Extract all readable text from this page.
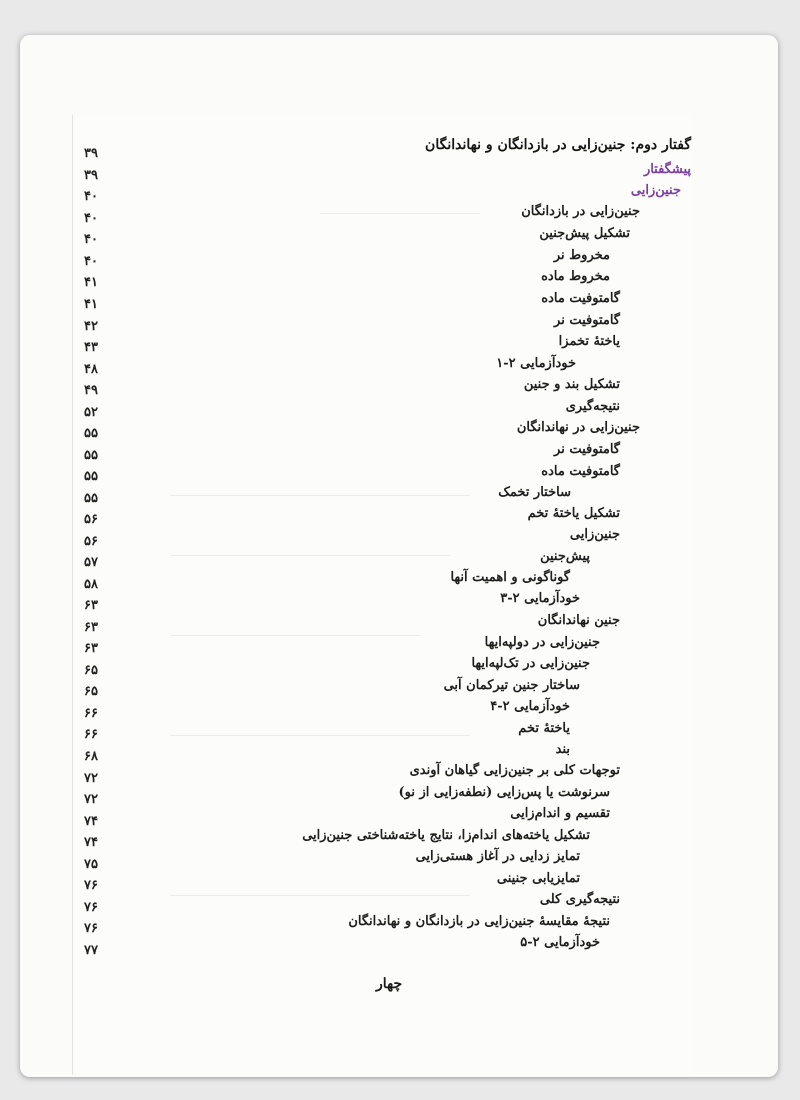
گفتار دوم: جنین‌زایی در بازدانگان و نهاندانگان
پیشگفتار
جنین‌زایی
جنین‌زایی در بازدانگان
تشکیل پیش‌جنین
مخروط نر
مخروط ماده
گامتوفیت ماده
گامتوفیت نر
یاختهٔ تخمزا
خودآزمایی ۲-۱
تشکیل بند و جنین
نتیجه‌گیری
جنین‌زایی در نهاندانگان
گامتوفیت نر
گامتوفیت ماده
ساختار تخمک
تشکیل یاختهٔ تخم
جنین‌زایی
پیش‌جنین
گوناگونی و اهمیت آنها
خودآزمایی ۲-۳
جنین نهاندانگان
جنین‌زایی در دولپه‌ایها
جنین‌زایی در تک‌لپه‌ایها
ساختار جنین تیرکمان آبی
خودآزمایی ۲-۴
یاختهٔ تخم
بند
توجهات کلی بر جنین‌زایی گیاهان آوندی
سرنوشت یا پس‌زایی (نطفه‌زایی از نو)
تقسیم و اندام‌زایی
تشکیل یاخته‌های اندام‌زا، نتایج یاخته‌شناختی جنین‌زایی
تمایز زدایی در آغاز هستی‌زایی
تمایزیابی جنینی
نتیجه‌گیری کلی
نتیجهٔ مقایسهٔ جنین‌زایی در بازدانگان و نهاندانگان
خودآزمایی ۲-۵
۳۹
۳۹
۴۰
۴۰
۴۰
۴۰
۴۱
۴۱
۴۲
۴۳
۴۸
۴۹
۵۲
۵۵
۵۵
۵۵
۵۵
۵۶
۵۶
۵۷
۵۸
۶۳
۶۳
۶۳
۶۵
۶۵
۶۶
۶۶
۶۸
۷۲
۷۲
۷۴
۷۴
۷۵
۷۶
۷۶
۷۶
۷۷
چهار
